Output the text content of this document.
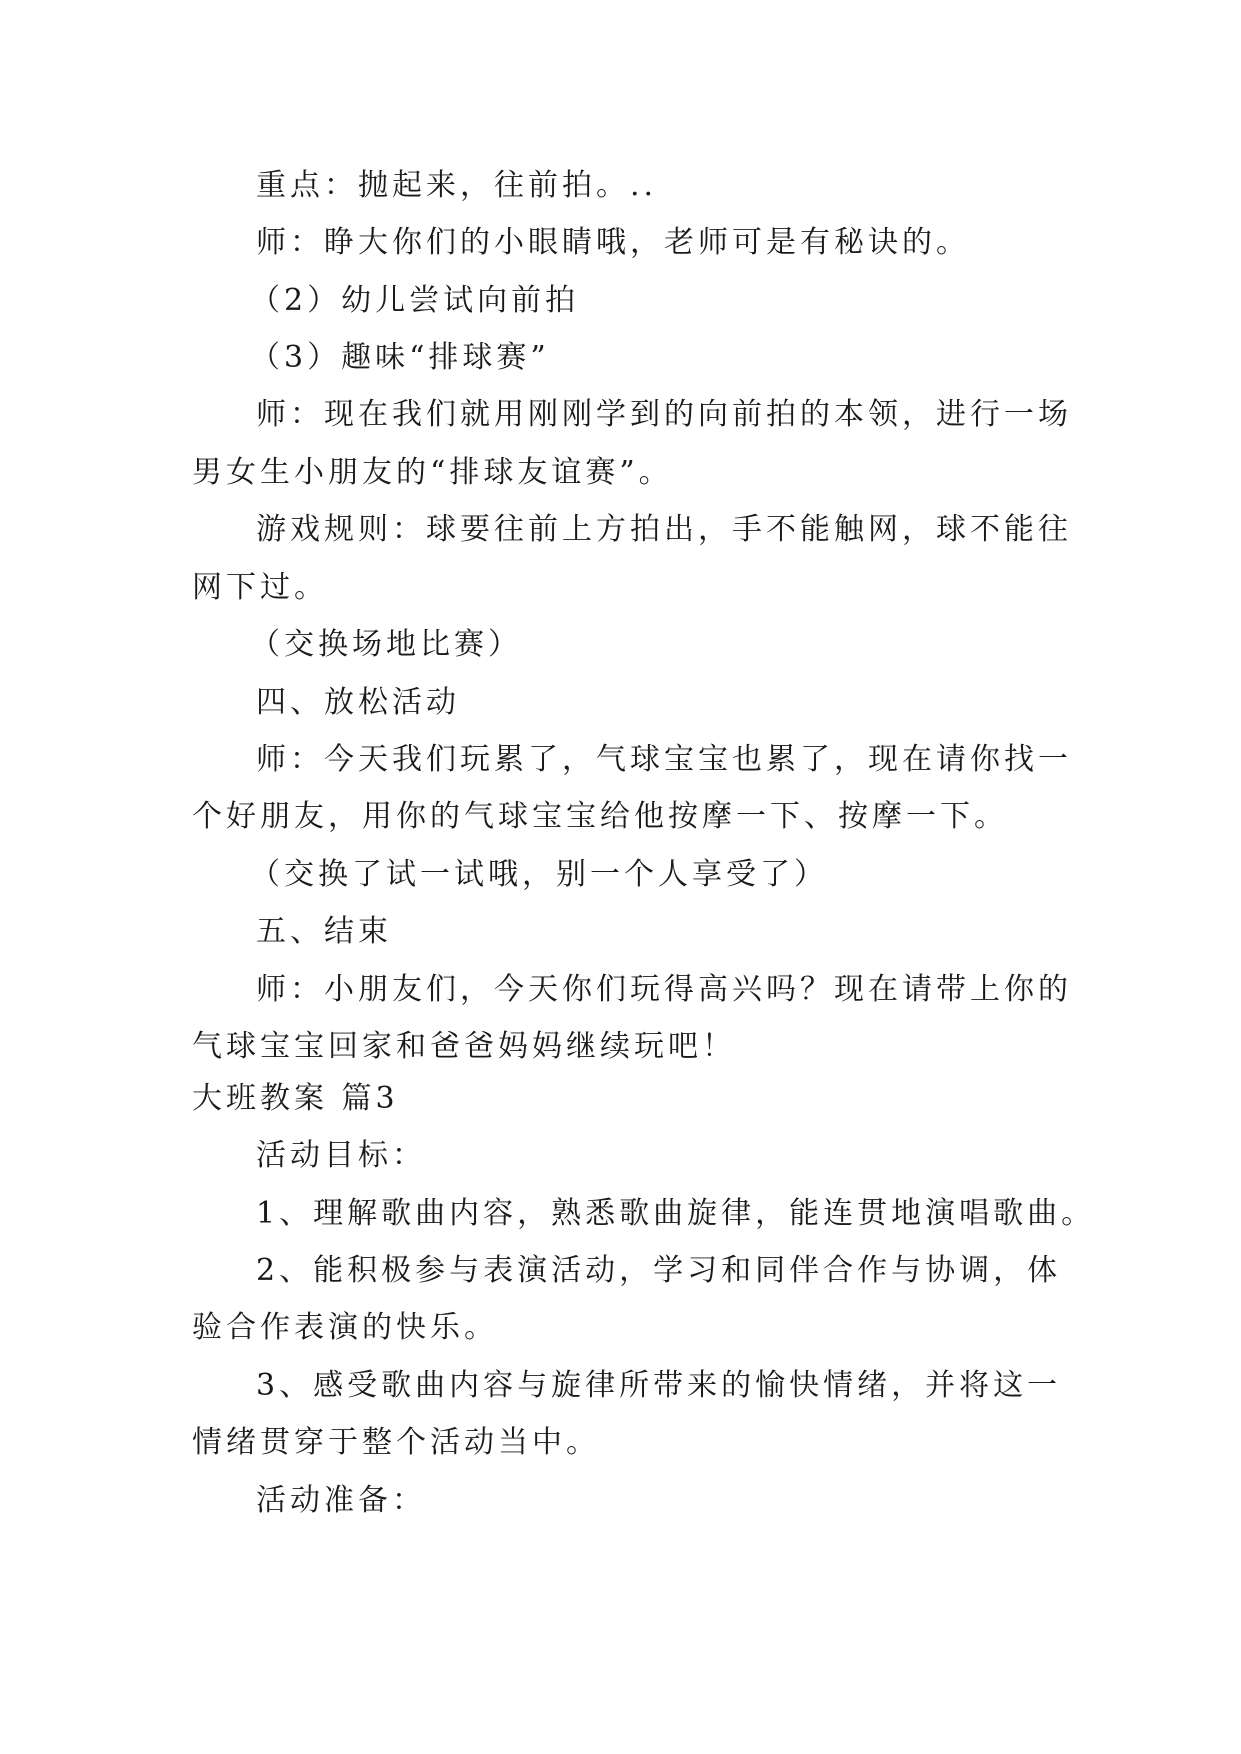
重点：抛起来，往前拍。..
师：睁大你们的小眼睛哦，老师可是有秘诀的。
（2）幼儿尝试向前拍
（3）趣味“排球赛”
师：现在我们就用刚刚学到的向前拍的本领，进行一场
男女生小朋友的“排球友谊赛”。
游戏规则：球要往前上方拍出，手不能触网，球不能往
网下过。
（交换场地比赛）
四、放松活动
师：今天我们玩累了，气球宝宝也累了，现在请你找一
个好朋友，用你的气球宝宝给他按摩一下、按摩一下。
（交换了试一试哦，别一个人享受了）
五、结束
师：小朋友们，今天你们玩得高兴吗？现在请带上你的
气球宝宝回家和爸爸妈妈继续玩吧！
大班教案 篇3
活动目标：
1、理解歌曲内容，熟悉歌曲旋律，能连贯地演唱歌曲。
2、能积极参与表演活动，学习和同伴合作与协调，体
验合作表演的快乐。
3、感受歌曲内容与旋律所带来的愉快情绪，并将这一
情绪贯穿于整个活动当中。
活动准备：
